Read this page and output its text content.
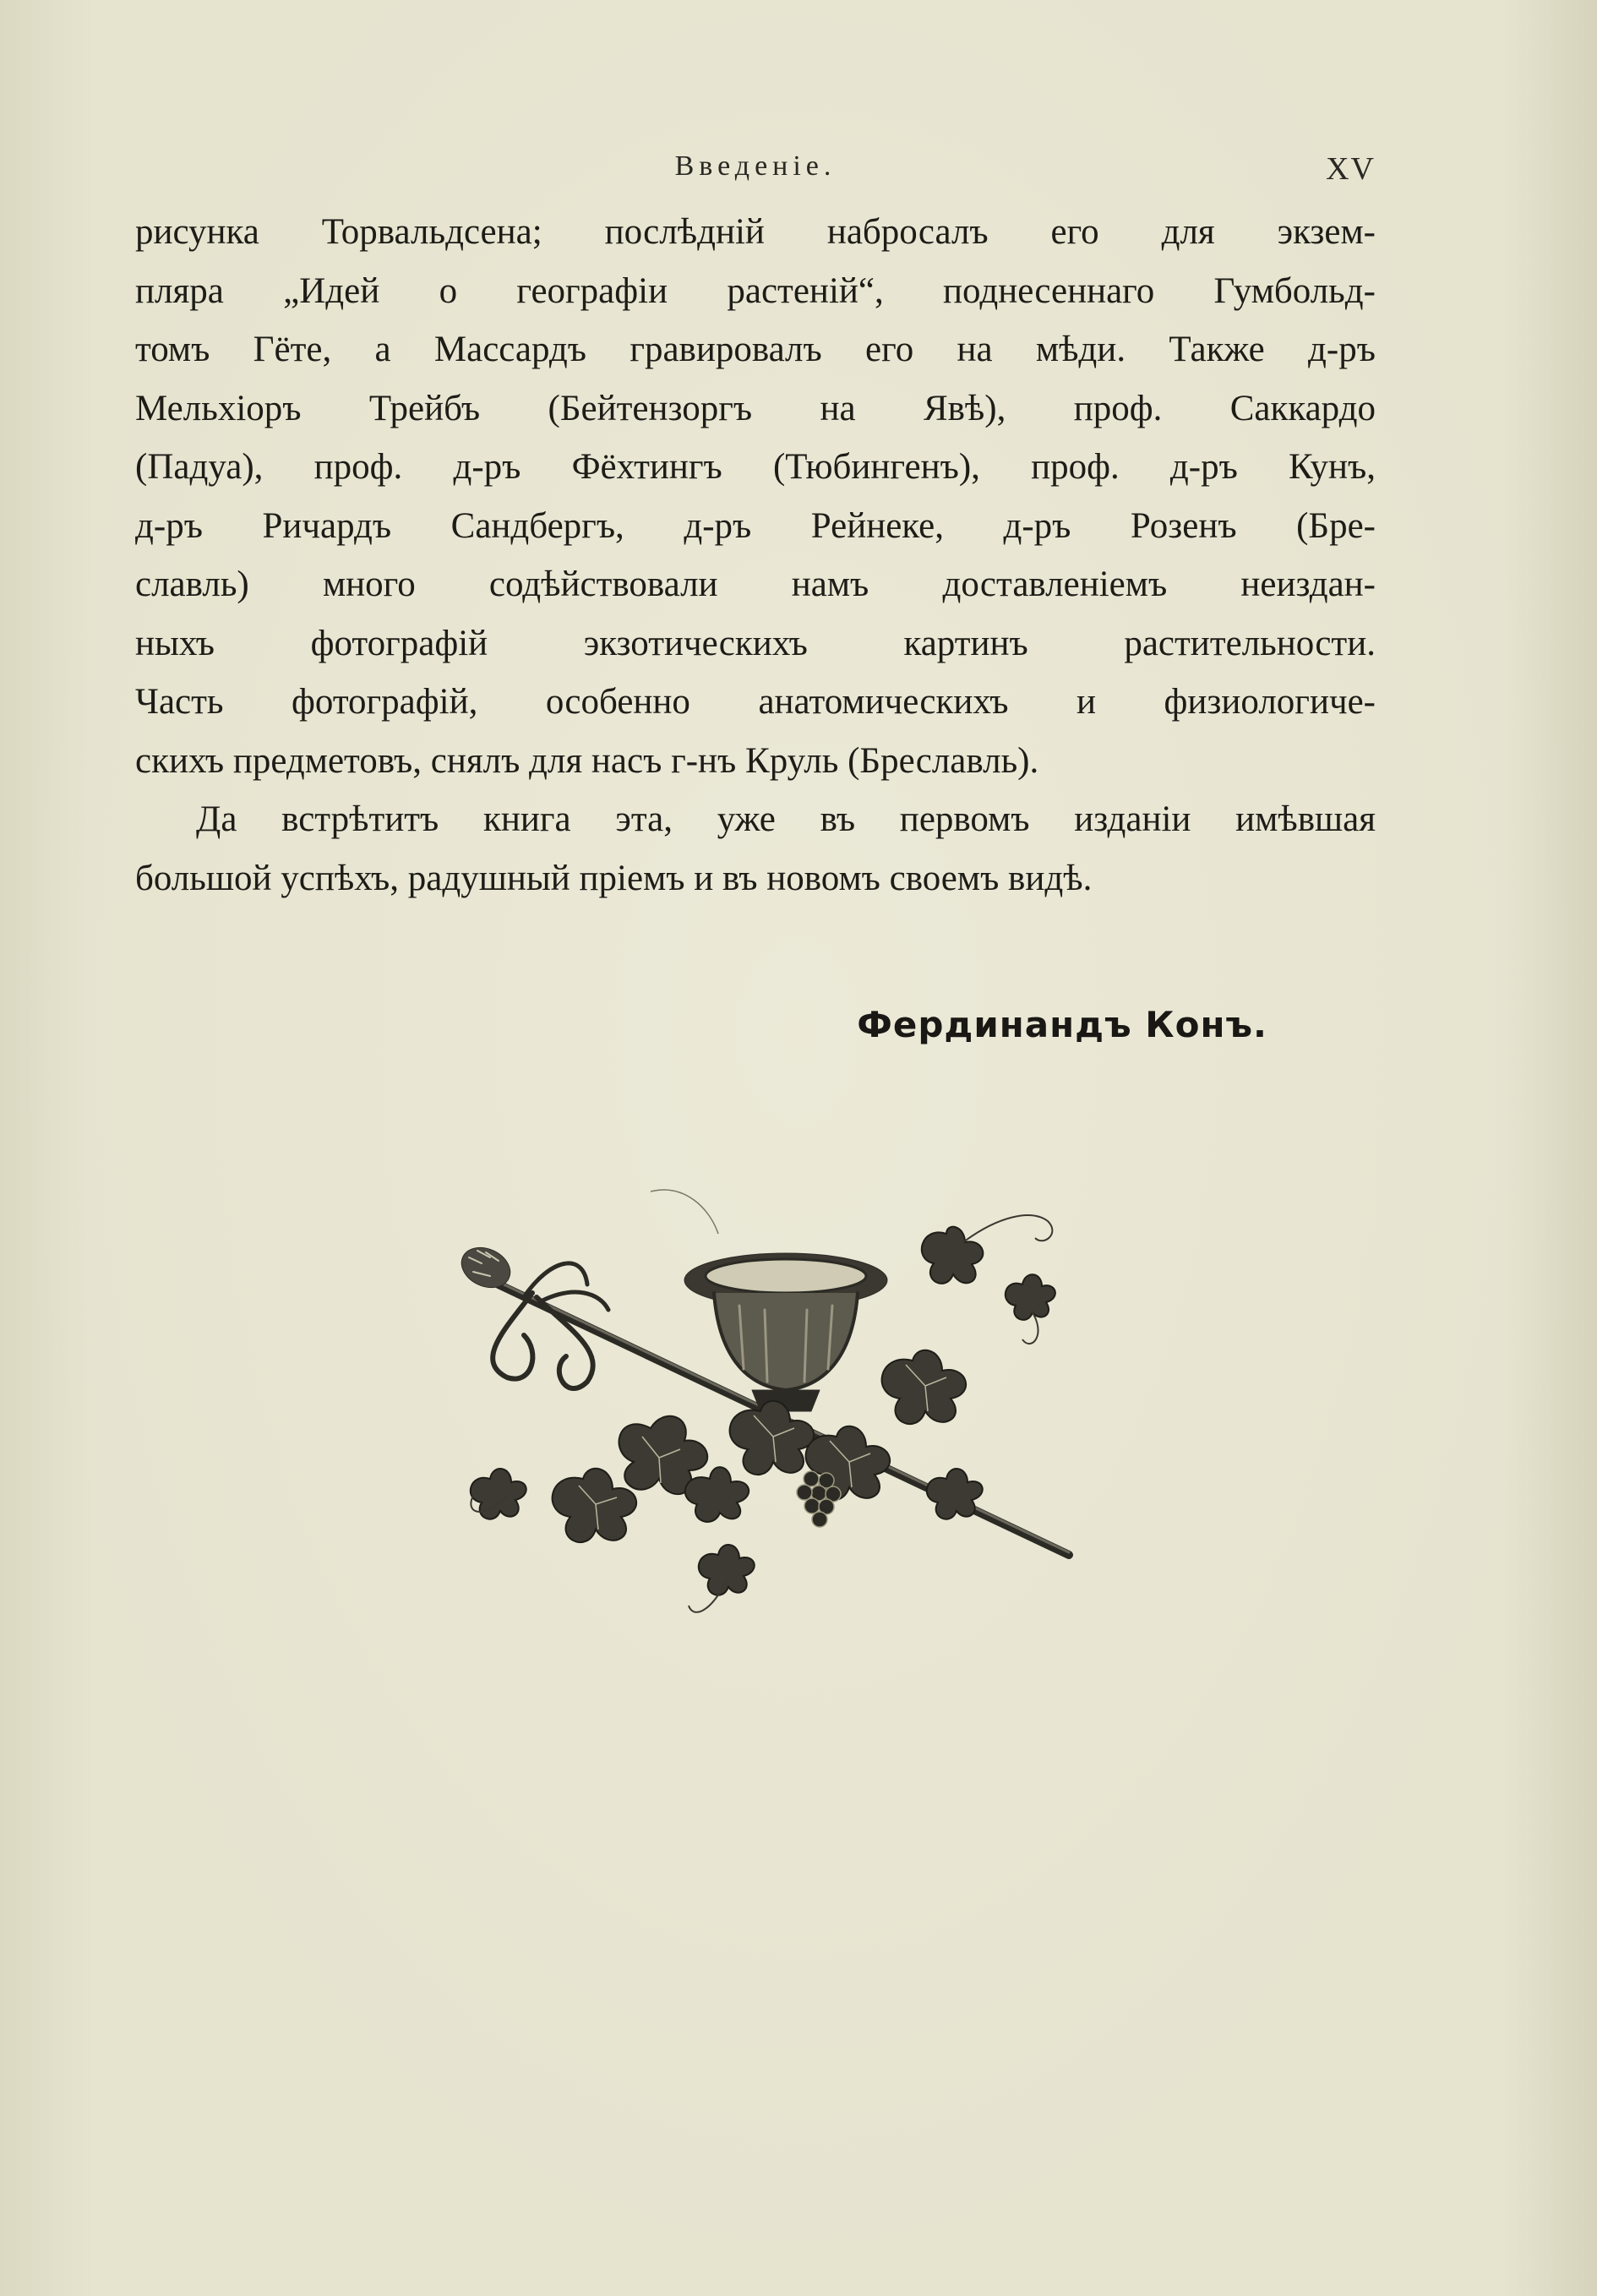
Введеніе.	XV
рисунка Торвальдсена; послѣдній набросалъ его для экзем-
пляра „Идей о географіи растеній“, поднесеннаго Гумбольд-
томъ Гёте, а Массардъ гравировалъ его на мѣди. Также д-ръ
Мельхіоръ Трейбъ (Бейтензоргъ на Явѣ), проф. Саккардо
(Падуа), проф. д-ръ Фёхтингъ (Тюбингенъ), проф. д-ръ Кунъ,
д-ръ Ричардъ Сандбергъ, д-ръ Рейнеке, д-ръ Розенъ (Бре-
славль) много содѣйствовали намъ доставленіемъ неиздан-
ныхъ фотографій экзотическихъ картинъ растительности.
Часть фотографій, особенно анатомическихъ и физиологиче-
скихъ предметовъ, снялъ для насъ г-нъ Круль (Бреславль).
Да встрѣтитъ книга эта, уже въ первомъ изданіи имѣвшая
большой успѣхъ, радушный пріемъ и въ новомъ своемъ видѣ.
Фердинандъ Конъ.
